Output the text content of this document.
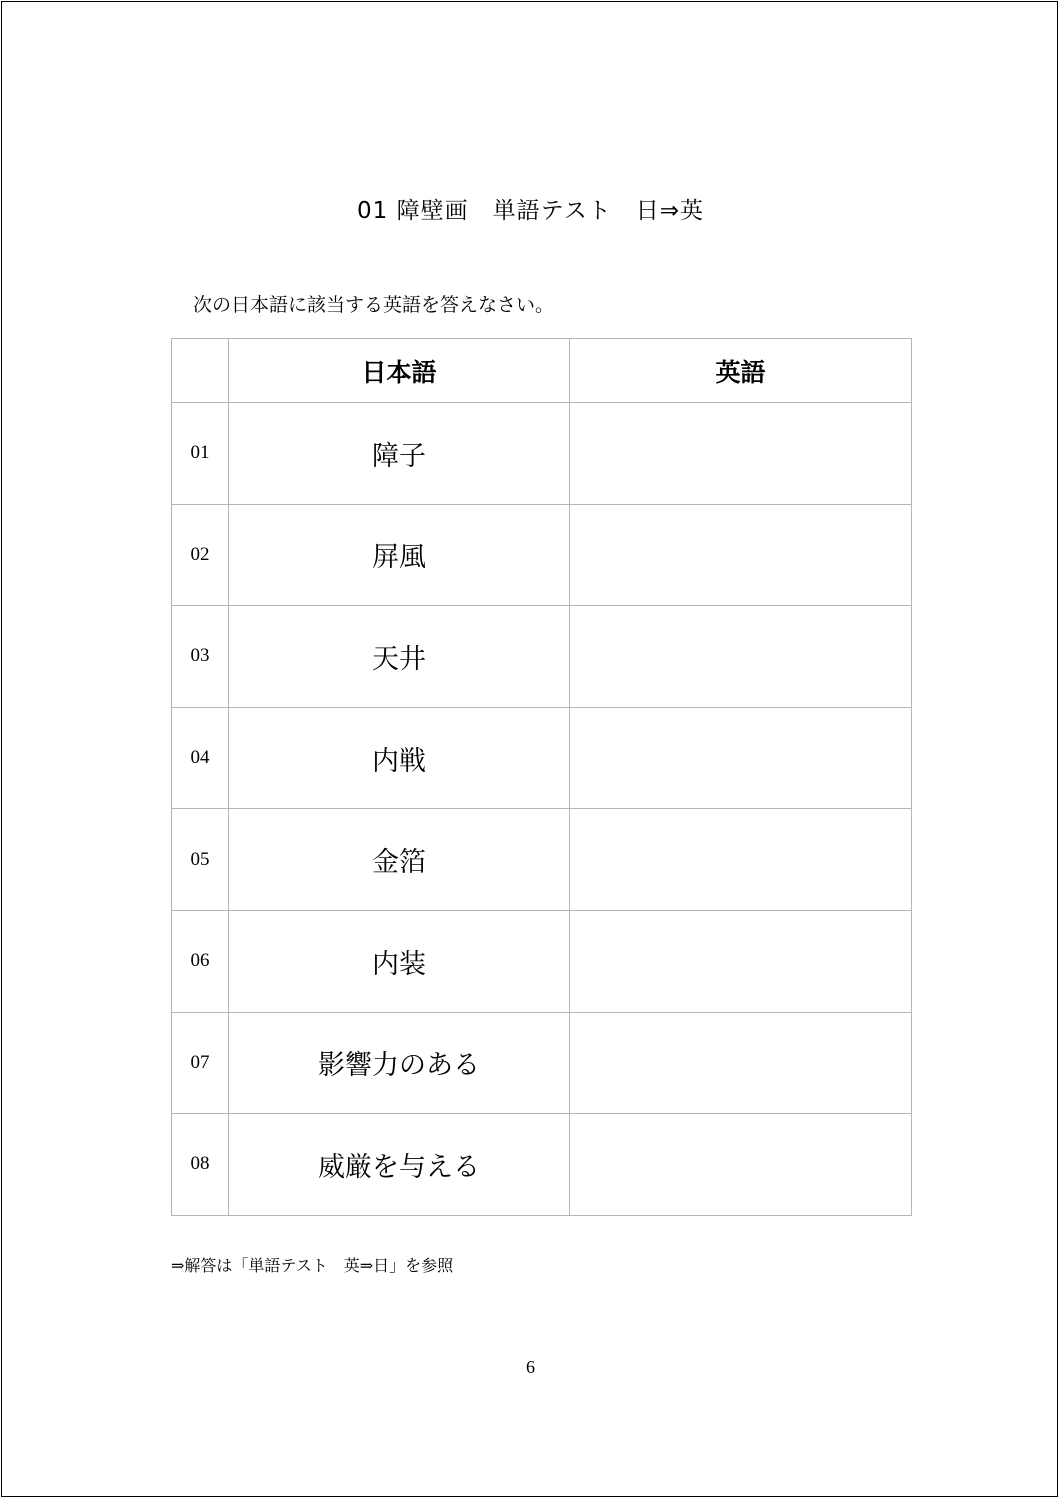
01 障壁画　単語テスト　日⇒英
次の日本語に該当する英語を答えなさい。
	日本語	英語
01	障子	
02	屏風	
03	天井	
04	内戦	
05	金箔	
06	内装	
07	影響力のある	
08	威厳を与える	
⇒解答は「単語テスト　英⇒日」を参照
6
